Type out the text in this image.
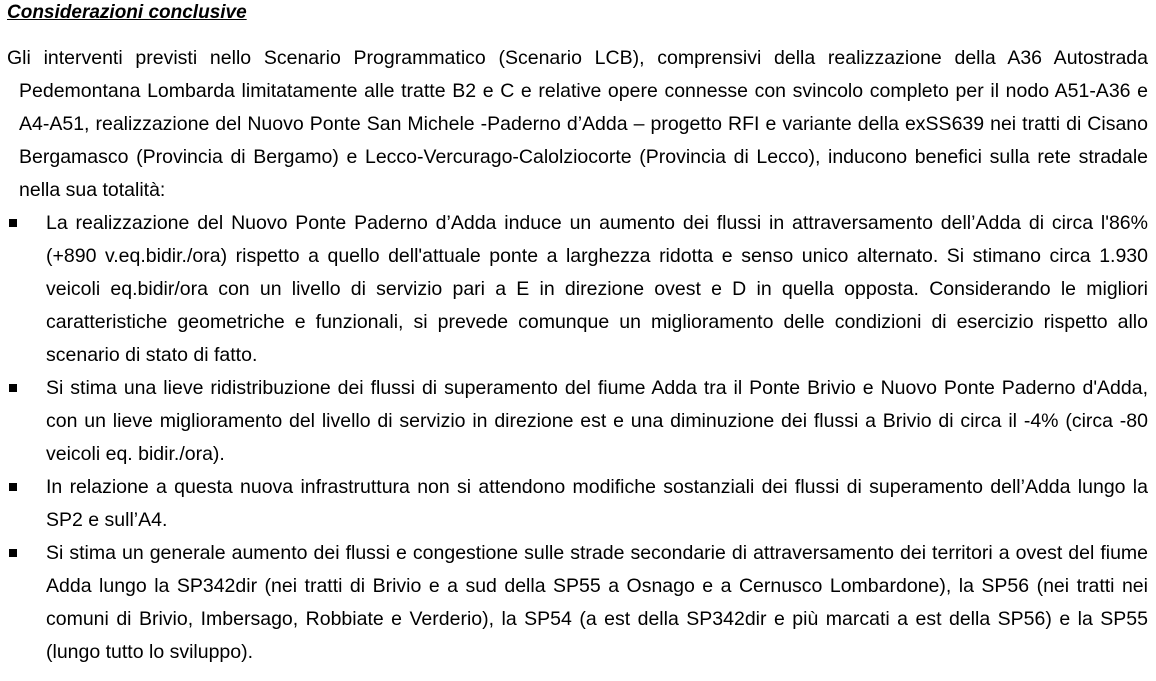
Considerazioni conclusive

Gli interventi previsti nello Scenario Programmatico (Scenario LCB), comprensivi della realizzazione della A36 Autostrada Pedemontana Lombarda limitatamente alle tratte B2 e C e relative opere connesse con svincolo completo per il nodo A51-A36 e A4-A51, realizzazione del Nuovo Ponte San Michele -Paderno d’Adda – progetto RFI e variante della exSS639 nei tratti di Cisano Bergamasco (Provincia di Bergamo) e Lecco-Vercurago-Calolziocorte (Provincia di Lecco), inducono benefici sulla rete stradale nella sua totalità:

La realizzazione del Nuovo Ponte Paderno d’Adda induce un aumento dei flussi in attraversamento dell’Adda di circa l'86% (+890 v.eq.bidir./ora) rispetto a quello dell'attuale ponte a larghezza ridotta e senso unico alternato. Si stimano circa 1.930 veicoli eq.bidir/ora con un livello di servizio pari a E in direzione ovest e D in quella opposta. Considerando le migliori caratteristiche geometriche e funzionali, si prevede comunque un miglioramento delle condizioni di esercizio rispetto allo scenario di stato di fatto.
Si stima una lieve ridistribuzione dei flussi di superamento del fiume Adda tra il Ponte Brivio e Nuovo Ponte Paderno d'Adda, con un lieve miglioramento del livello di servizio in direzione est e una diminuzione dei flussi a Brivio di circa il -4% (circa -80 veicoli eq. bidir./ora).
In relazione a questa nuova infrastruttura non si attendono modifiche sostanziali dei flussi di superamento dell’Adda lungo la SP2 e sull’A4.
Si stima un generale aumento dei flussi e congestione sulle strade secondarie di attraversamento dei territori a ovest del fiume Adda lungo la SP342dir (nei tratti di Brivio e a sud della SP55 a Osnago e a Cernusco Lombardone), la SP56 (nei tratti nei comuni di Brivio, Imbersago, Robbiate e Verderio), la SP54 (a est della SP342dir e più marcati a est della SP56) e la SP55 (lungo tutto lo sviluppo).
